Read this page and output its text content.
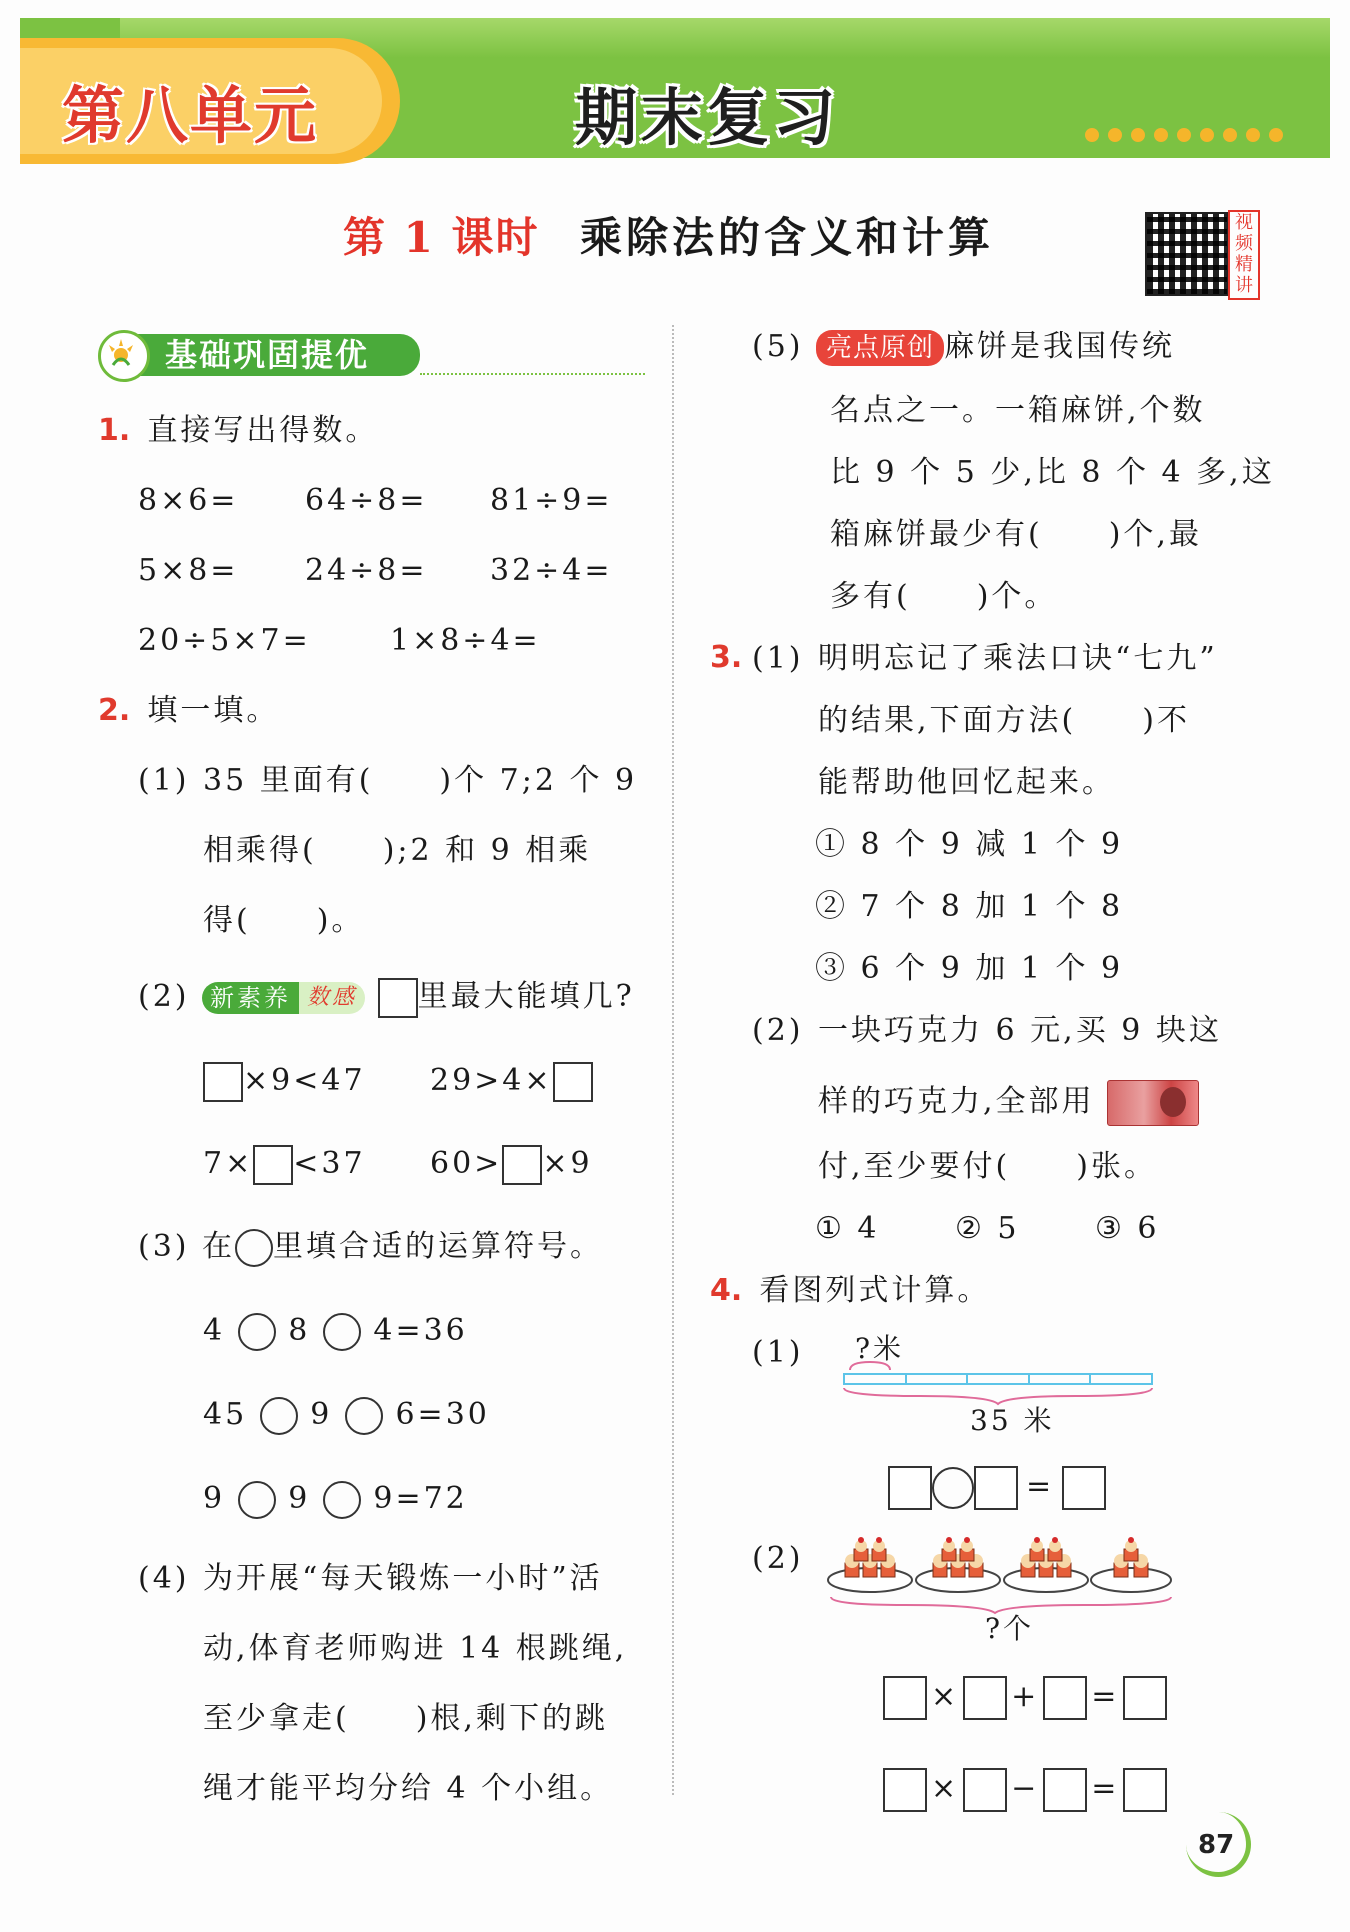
第八单元	期末复习
第 1 课时 乘除法的含义和计算	视频精讲
基础巩固提优
1. 直接写出得数。
8×6= 64÷8= 81÷9=
5×8= 24÷8= 32÷4=
20÷5×7=	1×8÷4=
2. 填一填。
(1) 35 里面有(　　)个 7;2 个 9
相乘得(　　);2 和 9 相乘
得(　　)。
(2) 新素养 数感 里最大能填几?
×9<47 29>4×
7× <37 60> ×9
(3) 在 里填合适的运算符号。
4 8 4=36
45 9 6=30
9 9 9=72
(4) 为开展“每天锻炼一小时”活
动,体育老师购进 14 根跳绳,
至少拿走(　　)根,剩下的跳
绳才能平均分给 4 个小组。
(5) 亮点原创 麻饼是我国传统
名点之一。一箱麻饼,个数
比 9 个 5 少,比 8 个 4 多,这
箱麻饼最少有(　　)个,最
多有(　　)个。
3. (1) 明明忘记了乘法口诀“七九”
的结果,下面方法(　　)不
能帮助他回忆起来。
① 8 个 9 减 1 个 9
② 7 个 8 加 1 个 8
③ 6 个 9 加 1 个 9
(2) 一块巧克力 6 元,买 9 块这
样的巧克力,全部用
付,至少要付(　　)张。
① 4	② 5	③ 6
4. 看图列式计算。
(1) ?米
35 米
=
(2)
?个
× + =
× − =
87
